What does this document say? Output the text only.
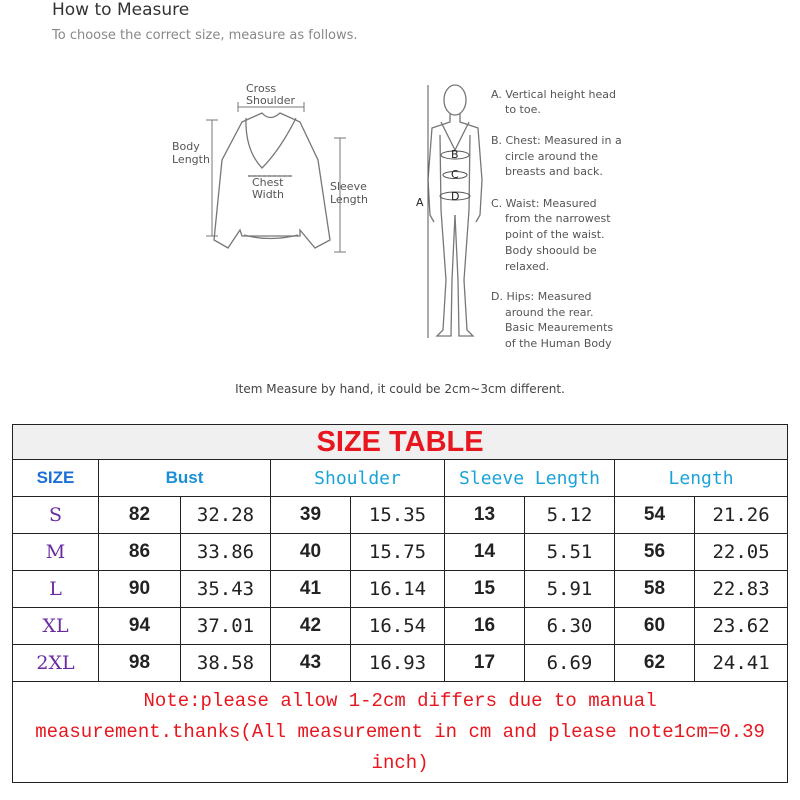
How to Measure
To choose the correct size, measure as follows.
Cross
Shoulder
Body
Length
Chest
Width
Sleeve
Length
B
C
D
A
A. Vertical height head
to toe.
B. Chest: Measured in a
circle around the
breasts and back.
C. Waist: Measured
from the narrowest
point of the waist.
Body shoould be
relaxed.
D. Hips: Measured
around the rear.
Basic Meaurements
of the Human Body
Item Measure by hand, it could be 2cm~3cm different.
SIZE TABLE								
SIZE	Bust		Shoulder		Sleeve Length		Length	
S	82	32.28	39	15.35	13	5.12	54	21.26
M	86	33.86	40	15.75	14	5.51	56	22.05
L	90	35.43	41	16.14	15	5.91	58	22.83
XL	94	37.01	42	16.54	16	6.30	60	23.62
2XL	98	38.58	43	16.93	17	6.69	62	24.41
Note:please allow 1-2cm differs due to manual measurement.thanks(All measurement in cm and please note1cm=0.39 inch)								
